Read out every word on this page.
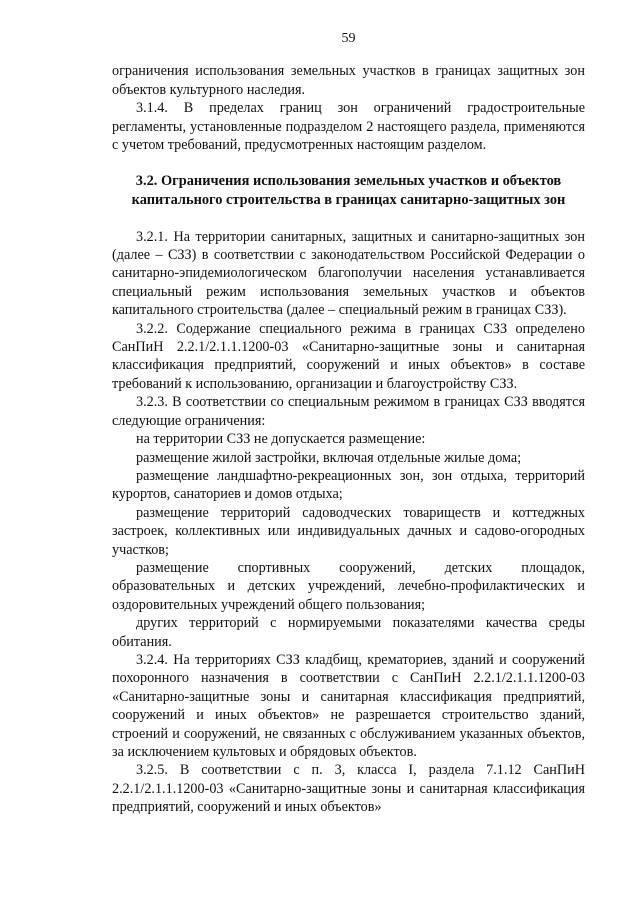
59

ограничения использования земельных участков в границах защитных зон объектов культурного наследия.

3.1.4. В пределах границ зон ограничений градостроительные регламенты, установленные подразделом 2 настоящего раздела, применяются с учетом требований, предусмотренных настоящим разделом.

3.2. Ограничения использования земельных участков и объектов капитального строительства в границах санитарно-защитных зон

3.2.1. На территории санитарных, защитных и санитарно-защитных зон (далее – СЗЗ) в соответствии с законодательством Российской Федерации о санитарно-эпидемиологическом благополучии населения устанавливается специальный режим использования земельных участков и объектов капитального строительства (далее – специальный режим в границах СЗЗ).

3.2.2. Содержание специального режима в границах СЗЗ определено СанПиН 2.2.1/2.1.1.1200-03 «Санитарно-защитные зоны и санитарная классификация предприятий, сооружений и иных объектов» в составе требований к использованию, организации и благоустройству СЗЗ.

3.2.3. В соответствии со специальным режимом в границах СЗЗ вводятся следующие ограничения:

на территории СЗЗ не допускается размещение:

размещение жилой застройки, включая отдельные жилые дома;

размещение ландшафтно-рекреационных зон, зон отдыха, территорий курортов, санаториев и домов отдыха;

размещение территорий садоводческих товариществ и коттеджных застроек, коллективных или индивидуальных дачных и садово-огородных участков;

размещение спортивных сооружений, детских площадок, образовательных и детских учреждений, лечебно-профилактических и оздоровительных учреждений общего пользования;

других территорий с нормируемыми показателями качества среды обитания.

3.2.4. На территориях СЗЗ кладбищ, крематориев, зданий и сооружений похоронного назначения в соответствии с СанПиН 2.2.1/2.1.1.1200-03 «Санитарно-защитные зоны и санитарная классификация предприятий, сооружений и иных объектов» не разрешается строительство зданий, строений и сооружений, не связанных с обслуживанием указанных объектов, за исключением культовых и обрядовых объектов.

3.2.5. В соответствии с п. 3, класса I, раздела 7.1.12 СанПиН 2.2.1/2.1.1.1200-03 «Санитарно-защитные зоны и санитарная классификация предприятий, сооружений и иных объектов»
